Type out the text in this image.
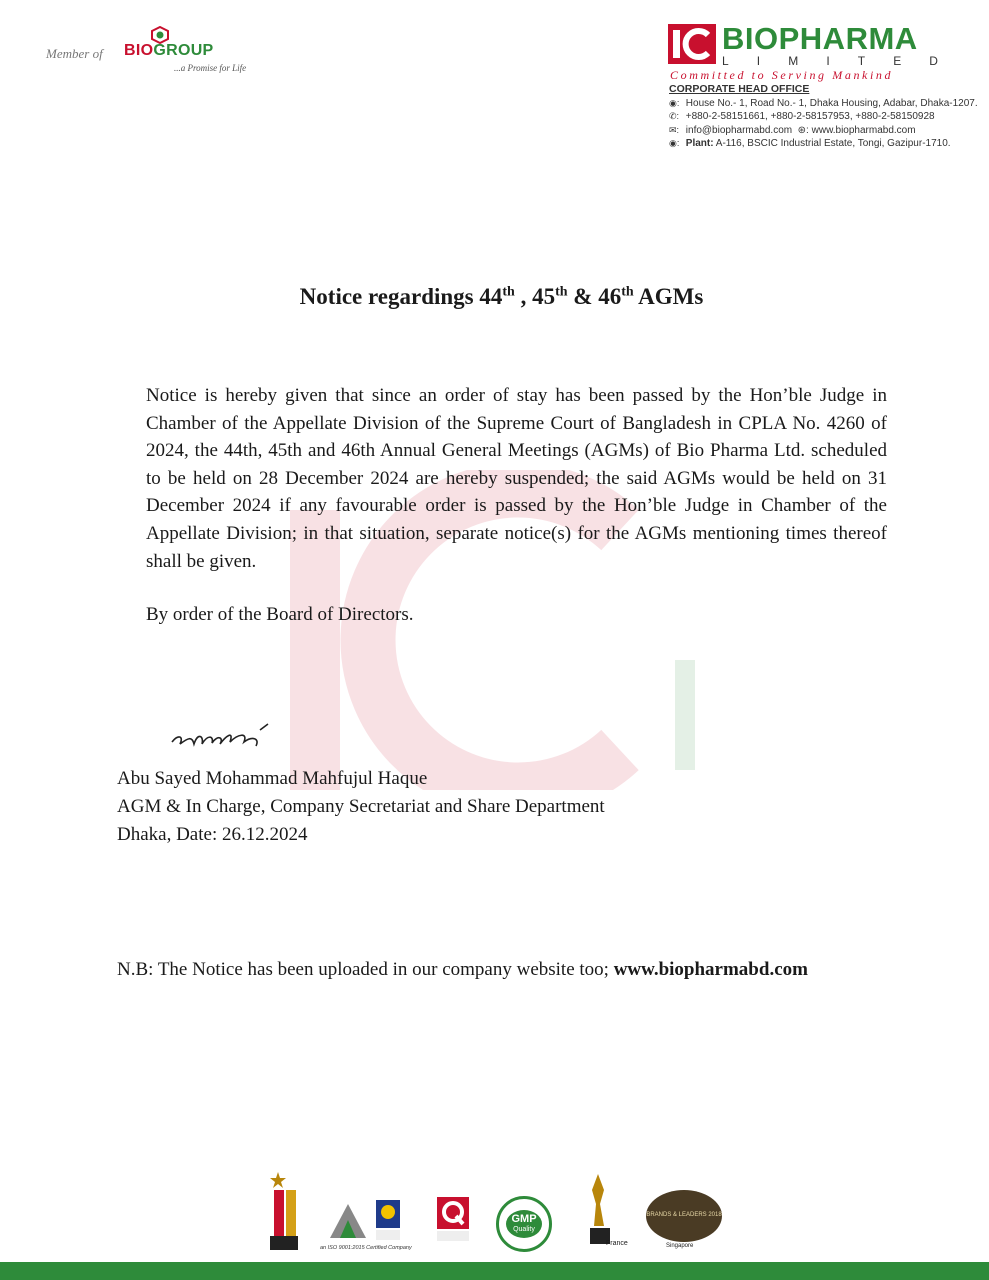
Member of BIOGROUP
...a Promise for Life
BIOPHARMA
L I M I T E D
Committed to Serving Mankind
CORPORATE HEAD OFFICE
◉: House No.- 1, Road No.- 1, Dhaka Housing, Adabar, Dhaka-1207.
✆: +880-2-58151661, +880-2-58157953, +880-2-58150928
✉: info@biopharmabd.com ⊛: www.biopharmabd.com
◉: Plant: A-116, BSCIC Industrial Estate, Tongi, Gazipur-1710.
Notice regardings 44th , 45th & 46th AGMs
Notice is hereby given that since an order of stay has been passed by the Hon’ble Judge in Chamber of the Appellate Division of the Supreme Court of Bangladesh in CPLA No. 4260 of 2024, the 44th, 45th and 46th Annual General Meetings (AGMs) of Bio Pharma Ltd. scheduled to be held on 28 December 2024 are hereby suspended; the said AGMs would be held on 31 December 2024 if any favourable order is passed by the Hon’ble Judge in Chamber of the Appellate Division; in that situation, separate notice(s) for the AGMs mentioning times thereof shall be given.
By order of the Board of Directors.
Abu Sayed Mohammad Mahfujul Haque
AGM & In Charge, Company Secretariat and Share Department
Dhaka, Date: 26.12.2024
N.B: The Notice has been uploaded in our company website too; www.biopharmabd.com
GMP
Quality
France
BRANDS & LEADERS 2018
Singapore
an ISO 9001:2015 Certified Company
